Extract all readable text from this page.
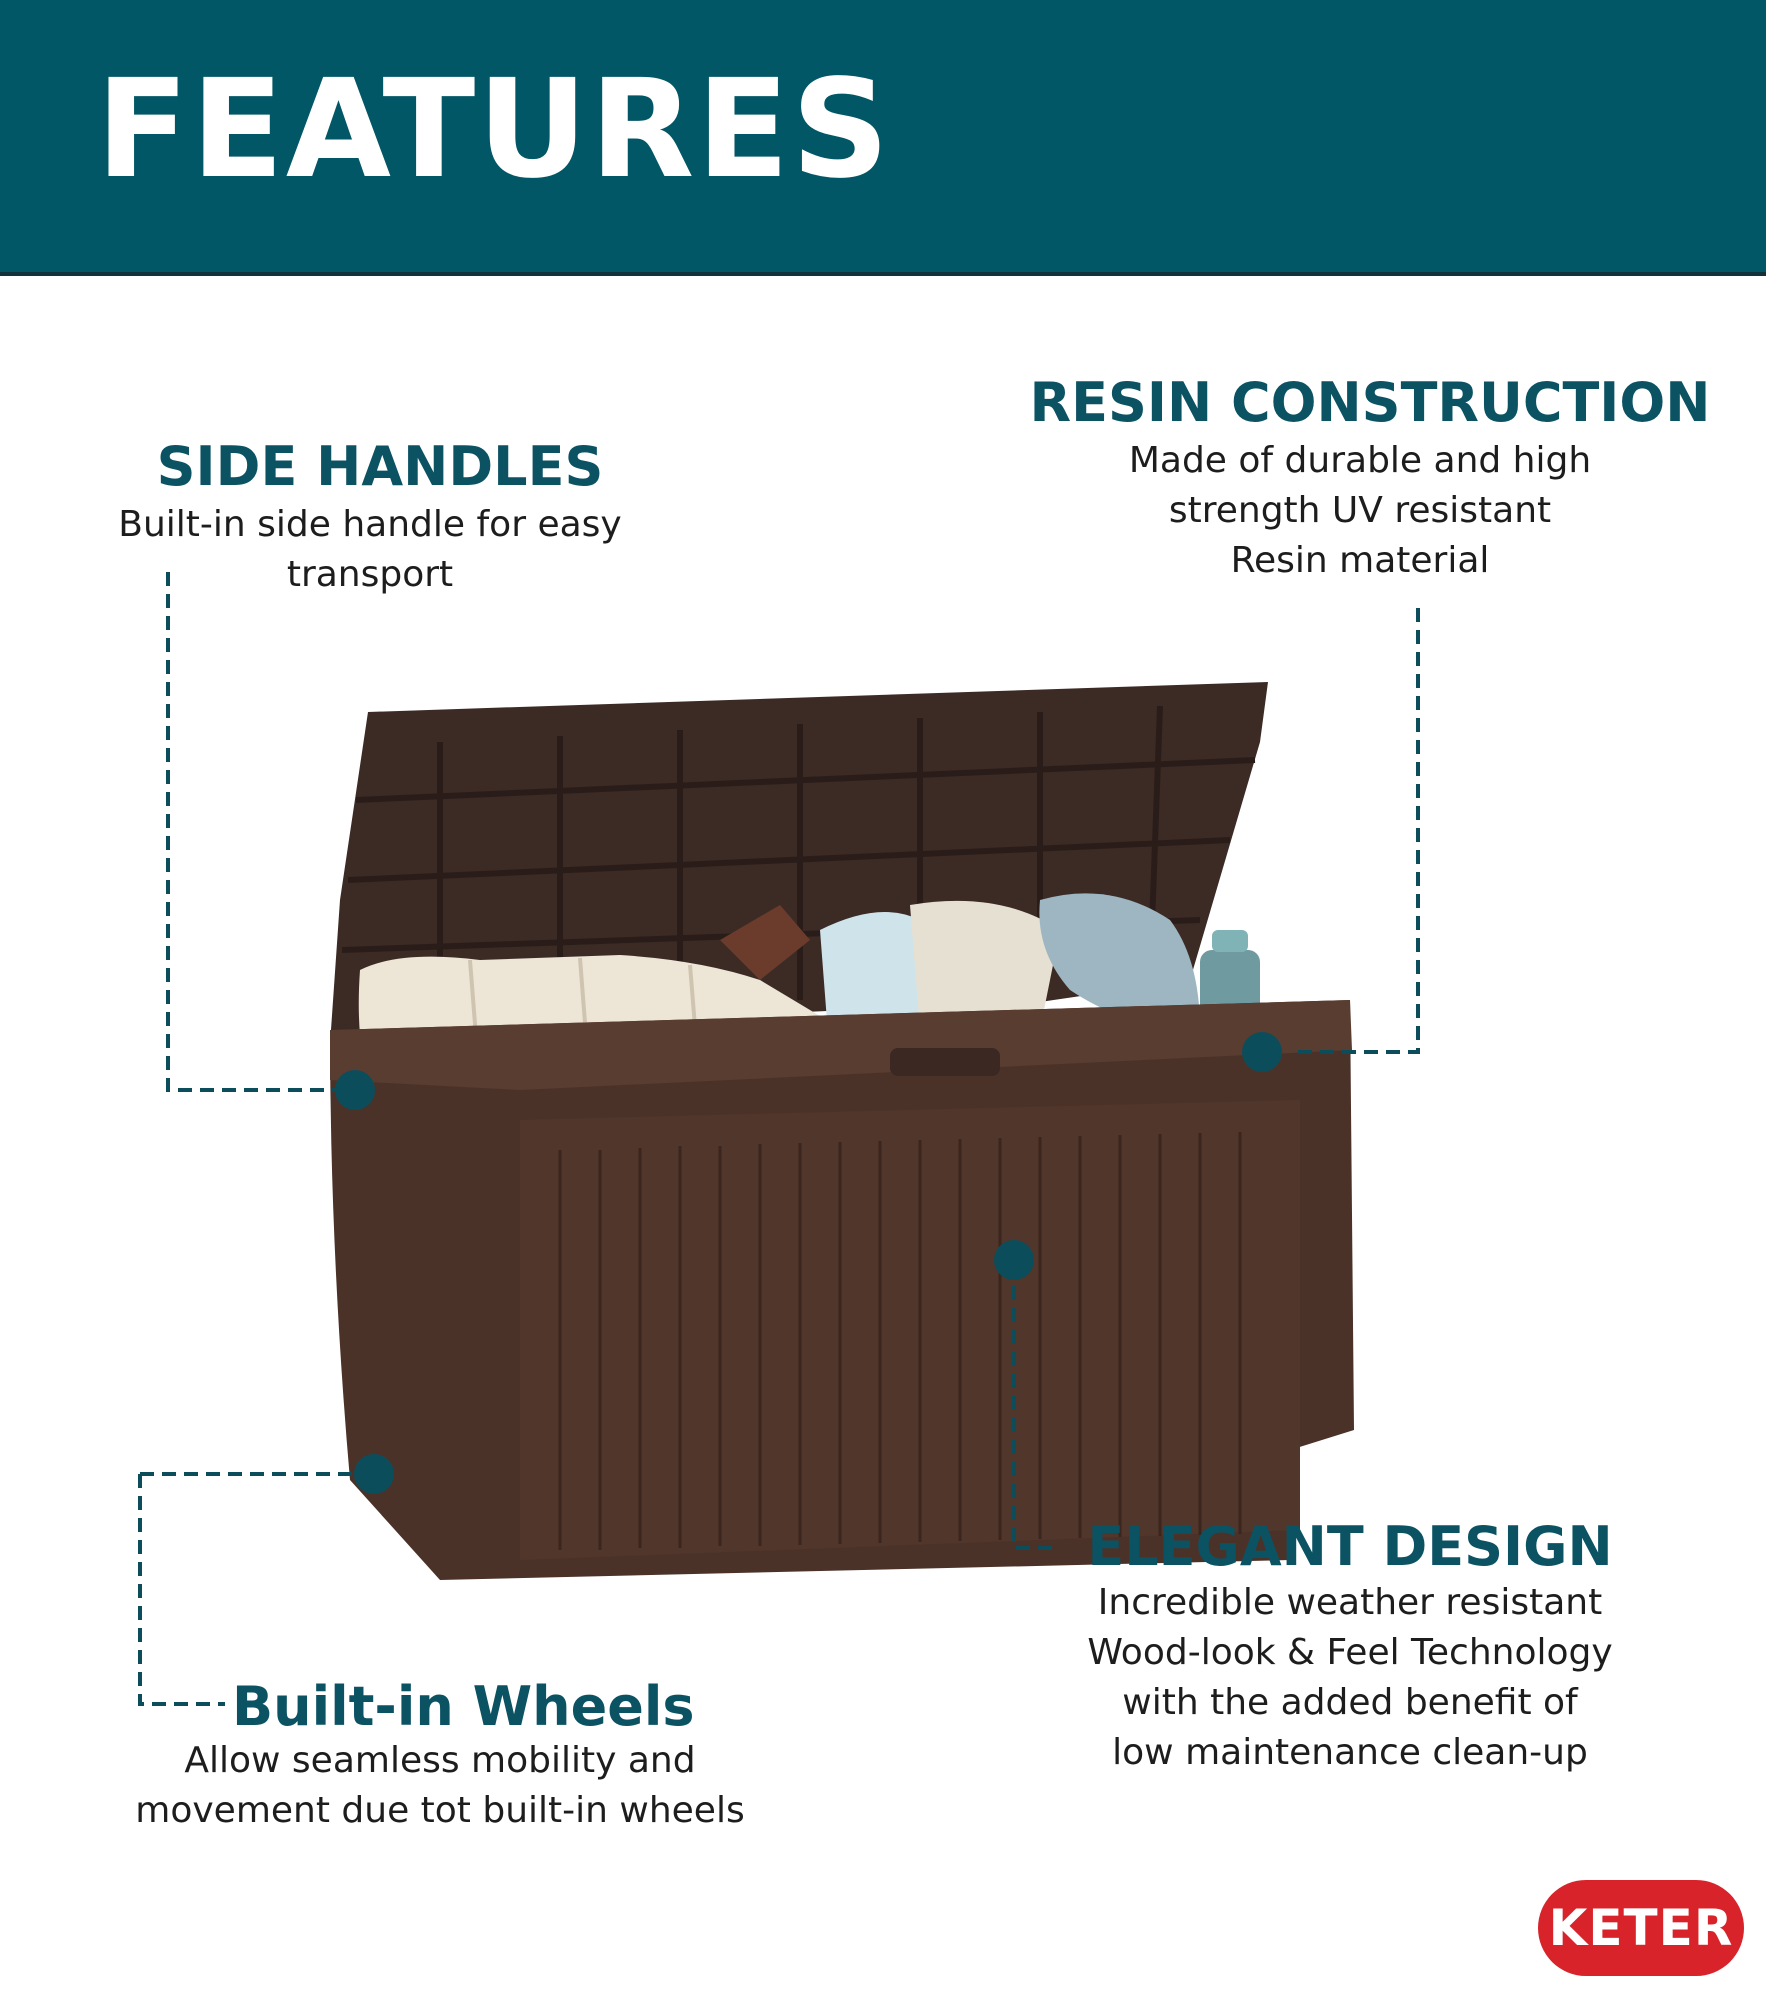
FEATURES
SIDE HANDLES
Built-in side handle for easy
transport
RESIN CONSTRUCTION
Made of durable and high
strength UV resistant
Resin material
ELEGANT DESIGN
Incredible weather resistant
Wood-look & Feel Technology
with the added benefit of
low maintenance clean-up
Built-in Wheels
Allow seamless mobility and
movement due tot built-in wheels
KETER
